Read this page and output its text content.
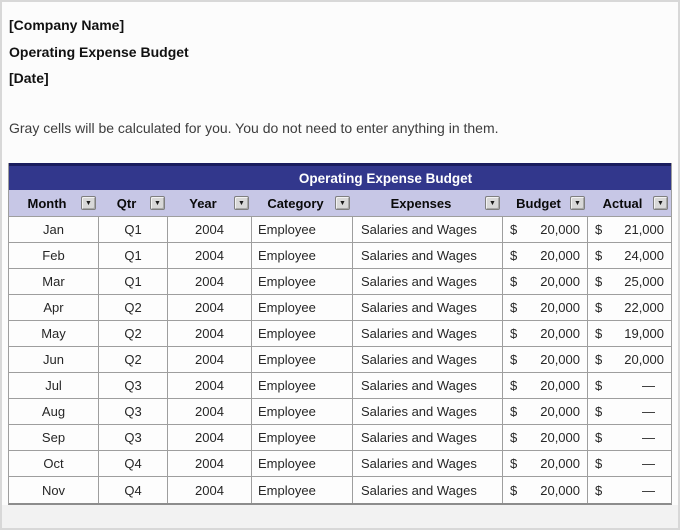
[Company Name]
Operating Expense Budget
[Date]
Gray cells will be calculated for you. You do not need to enter anything in them.
Operating Expense Budget
Month	▼ Qtr	▼ Year	▼ Category ▼	Expenses	▼ Budget ▼ Actual ▼
Jan	Q1	2004	Employee	Salaries and Wages	$ 20,000 $ 21,000
Feb	Q1	2004	Employee	Salaries and Wages	$ 20,000 $ 24,000
Mar	Q1	2004	Employee	Salaries and Wages	$ 20,000 $ 25,000
Apr	Q2	2004	Employee	Salaries and Wages	$ 20,000 $ 22,000
May	Q2	2004	Employee	Salaries and Wages	$ 20,000 $ 19,000
Jun	Q2	2004	Employee	Salaries and Wages	$ 20,000 $ 20,000
Jul	Q3	2004	Employee	Salaries and Wages	$ 20,000 $	—
Aug	Q3	2004	Employee	Salaries and Wages	$ 20,000 $	—
Sep	Q3	2004	Employee	Salaries and Wages	$ 20,000 $	—
Oct	Q4	2004	Employee	Salaries and Wages	$ 20,000 $	—
Nov	Q4	2004	Employee	Salaries and Wages	$ 20,000 $	—
